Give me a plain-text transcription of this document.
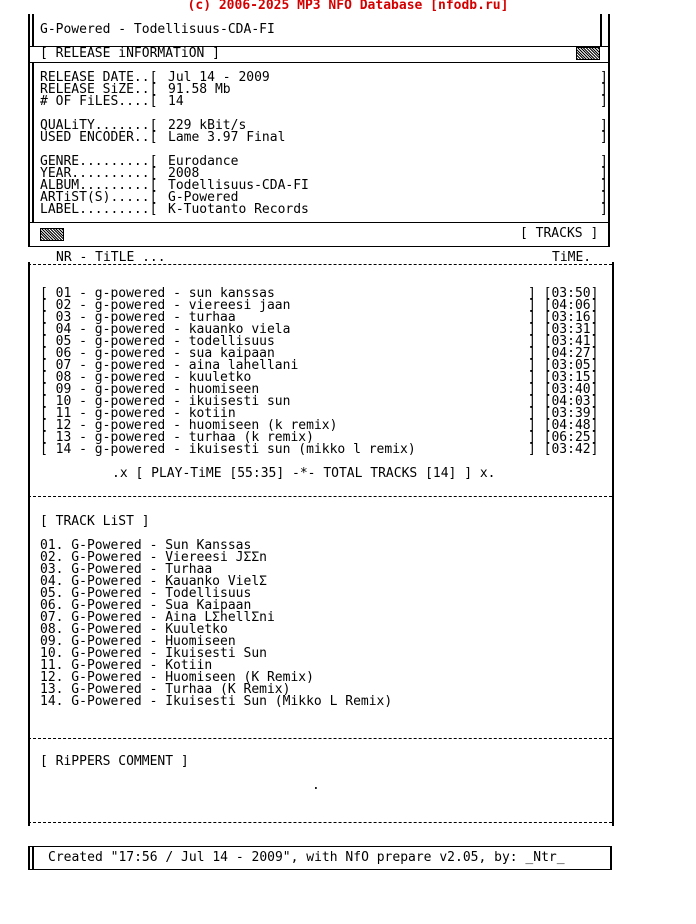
(c) 2006-2025 MP3 NFO Database [nfodb.ru]
G-Powered - Todellisuus-CDA-FI
[ RELEASE iNFORMATiON ]
RELEASE DATE..[ Jul 14 - 2009	]
RELEASE SiZE..[ 91.58 Mb	]
# OF FiLES....[ 14	]
QUALiTY.......[ 229 kBit/s	]
USED ENCODER..[ Lame 3.97 Final	]
GENRE.........[ Eurodance	]
YEAR..........[ 2008	]
ALBUM.........[ Todellisuus-CDA-FI	]
ARTiST(S).....[ G-Powered	]
LABEL.........[ K-Tuotanto Records	]
[ TRACKS ]
NR - TiTLE ...	TiME.
[ 01 - g-powered - sun kanssas	] [03:50]
[ 02 - g-powered - viereesi jaan	] [04:06]
[ 03 - g-powered - turhaa	] [03:16]
[ 04 - g-powered - kauanko viela	] [03:31]
[ 05 - g-powered - todellisuus	] [03:41]
[ 06 - g-powered - sua kaipaan	] [04:27]
[ 07 - g-powered - aina lahellani	] [03:05]
[ 08 - g-powered - kuuletko	] [03:15]
[ 09 - g-powered - huomiseen	] [03:40]
[ 10 - g-powered - ikuisesti sun	] [04:03]
[ 11 - g-powered - kotiin	] [03:39]
[ 12 - g-powered - huomiseen (k remix)	] [04:48]
[ 13 - g-powered - turhaa (k remix)	] [06:25]
[ 14 - g-powered - ikuisesti sun (mikko l remix)	] [03:42]
.x [ PLAY-TiME [55:35] -*- TOTAL TRACKS [14] ] x.
[ TRACK LiST ]
01. G-Powered - Sun Kanssas
02. G-Powered - Viereesi JΣΣn
03. G-Powered - Turhaa
04. G-Powered - Kauanko VielΣ
05. G-Powered - Todellisuus
06. G-Powered - Sua Kaipaan
07. G-Powered - Aina LΣhellΣni
08. G-Powered - Kuuletko
09. G-Powered - Huomiseen
10. G-Powered - Ikuisesti Sun
11. G-Powered - Kotiin
12. G-Powered - Huomiseen (K Remix)
13. G-Powered - Turhaa (K Remix)
14. G-Powered - Ikuisesti Sun (Mikko L Remix)
[ RiPPERS COMMENT ]
.
Created "17:56 / Jul 14 - 2009", with NfO prepare v2.05, by: _Ntr_
